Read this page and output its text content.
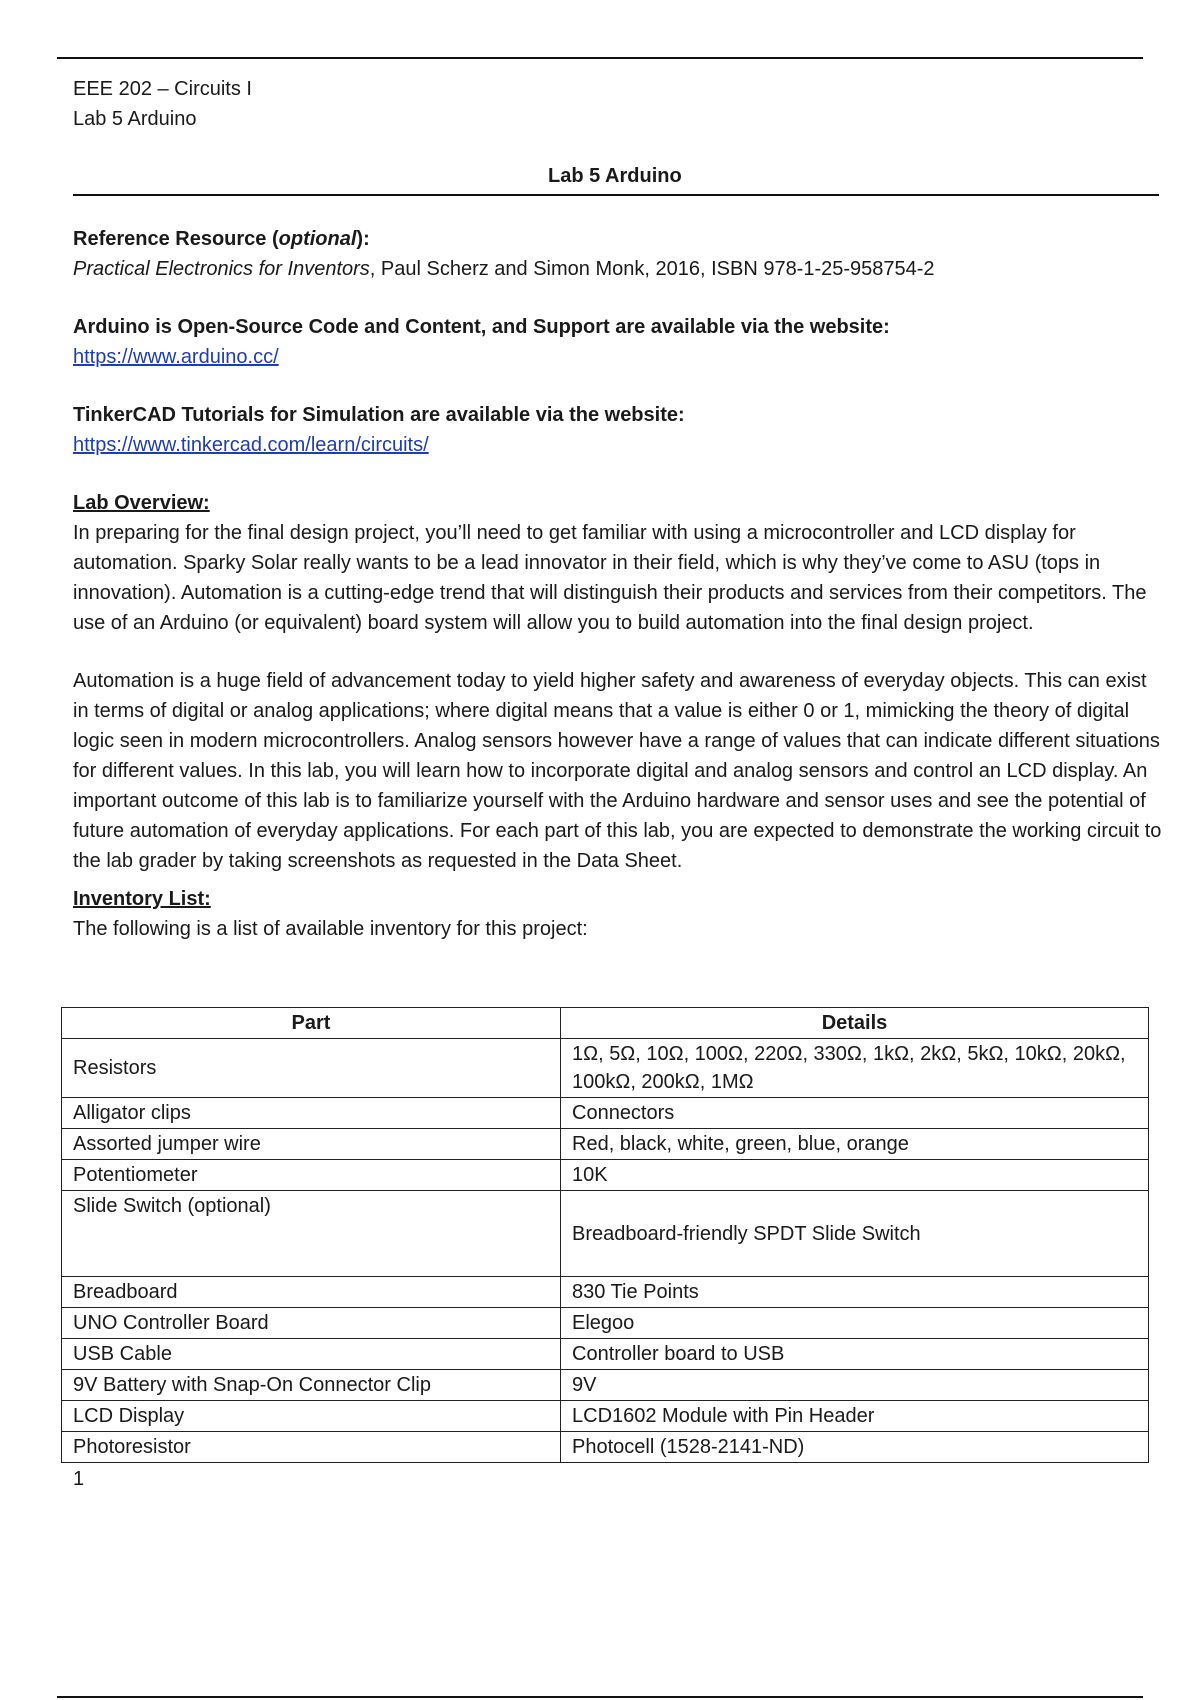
EEE 202 – Circuits I
Lab 5 Arduino
Lab 5 Arduino

Reference Resource (optional):

Practical Electronics for Inventors, Paul Scherz and Simon Monk, 2016, ISBN 978-1-25-958754-2

Arduino is Open-Source Code and Content, and Support are available via the website:

https://www.arduino.cc/

TinkerCAD Tutorials for Simulation are available via the website:

https://www.tinkercad.com/learn/circuits/

Lab Overview:

In preparing for the final design project, you’ll need to get familiar with using a microcontroller and LCD display for automation. Sparky Solar really wants to be a lead innovator in their field, which is why they’ve come to ASU (tops in innovation). Automation is a cutting-edge trend that will distinguish their products and services from their competitors. The use of an Arduino (or equivalent) board system will allow you to build automation into the final design project.

Automation is a huge field of advancement today to yield higher safety and awareness of everyday objects. This can exist in terms of digital or analog applications; where digital means that a value is either 0 or 1, mimicking the theory of digital logic seen in modern microcontrollers. Analog sensors however have a range of values that can indicate different situations for different values. In this lab, you will learn how to incorporate digital and analog sensors and control an LCD display. An important outcome of this lab is to familiarize yourself with the Arduino hardware and sensor uses and see the potential of future automation of everyday applications. For each part of this lab, you are expected to demonstrate the working circuit to the lab grader by taking screenshots as requested in the Data Sheet.

Inventory List:

The following is a list of available inventory for this project:

Part	Details
Resistors	1Ω, 5Ω, 10Ω, 100Ω, 220Ω, 330Ω, 1kΩ, 2kΩ, 5kΩ, 10kΩ, 20kΩ, 100kΩ, 200kΩ, 1MΩ
Alligator clips	Connectors
Assorted jumper wire	Red, black, white, green, blue, orange
Potentiometer	10K
Slide Switch (optional)	Breadboard-friendly SPDT Slide Switch
Breadboard	830 Tie Points
UNO Controller Board	Elegoo
USB Cable	Controller board to USB
9V Battery with Snap-On Connector Clip	9V
LCD Display	LCD1602 Module with Pin Header
Photoresistor	Photocell (1528-2141-ND)
1
